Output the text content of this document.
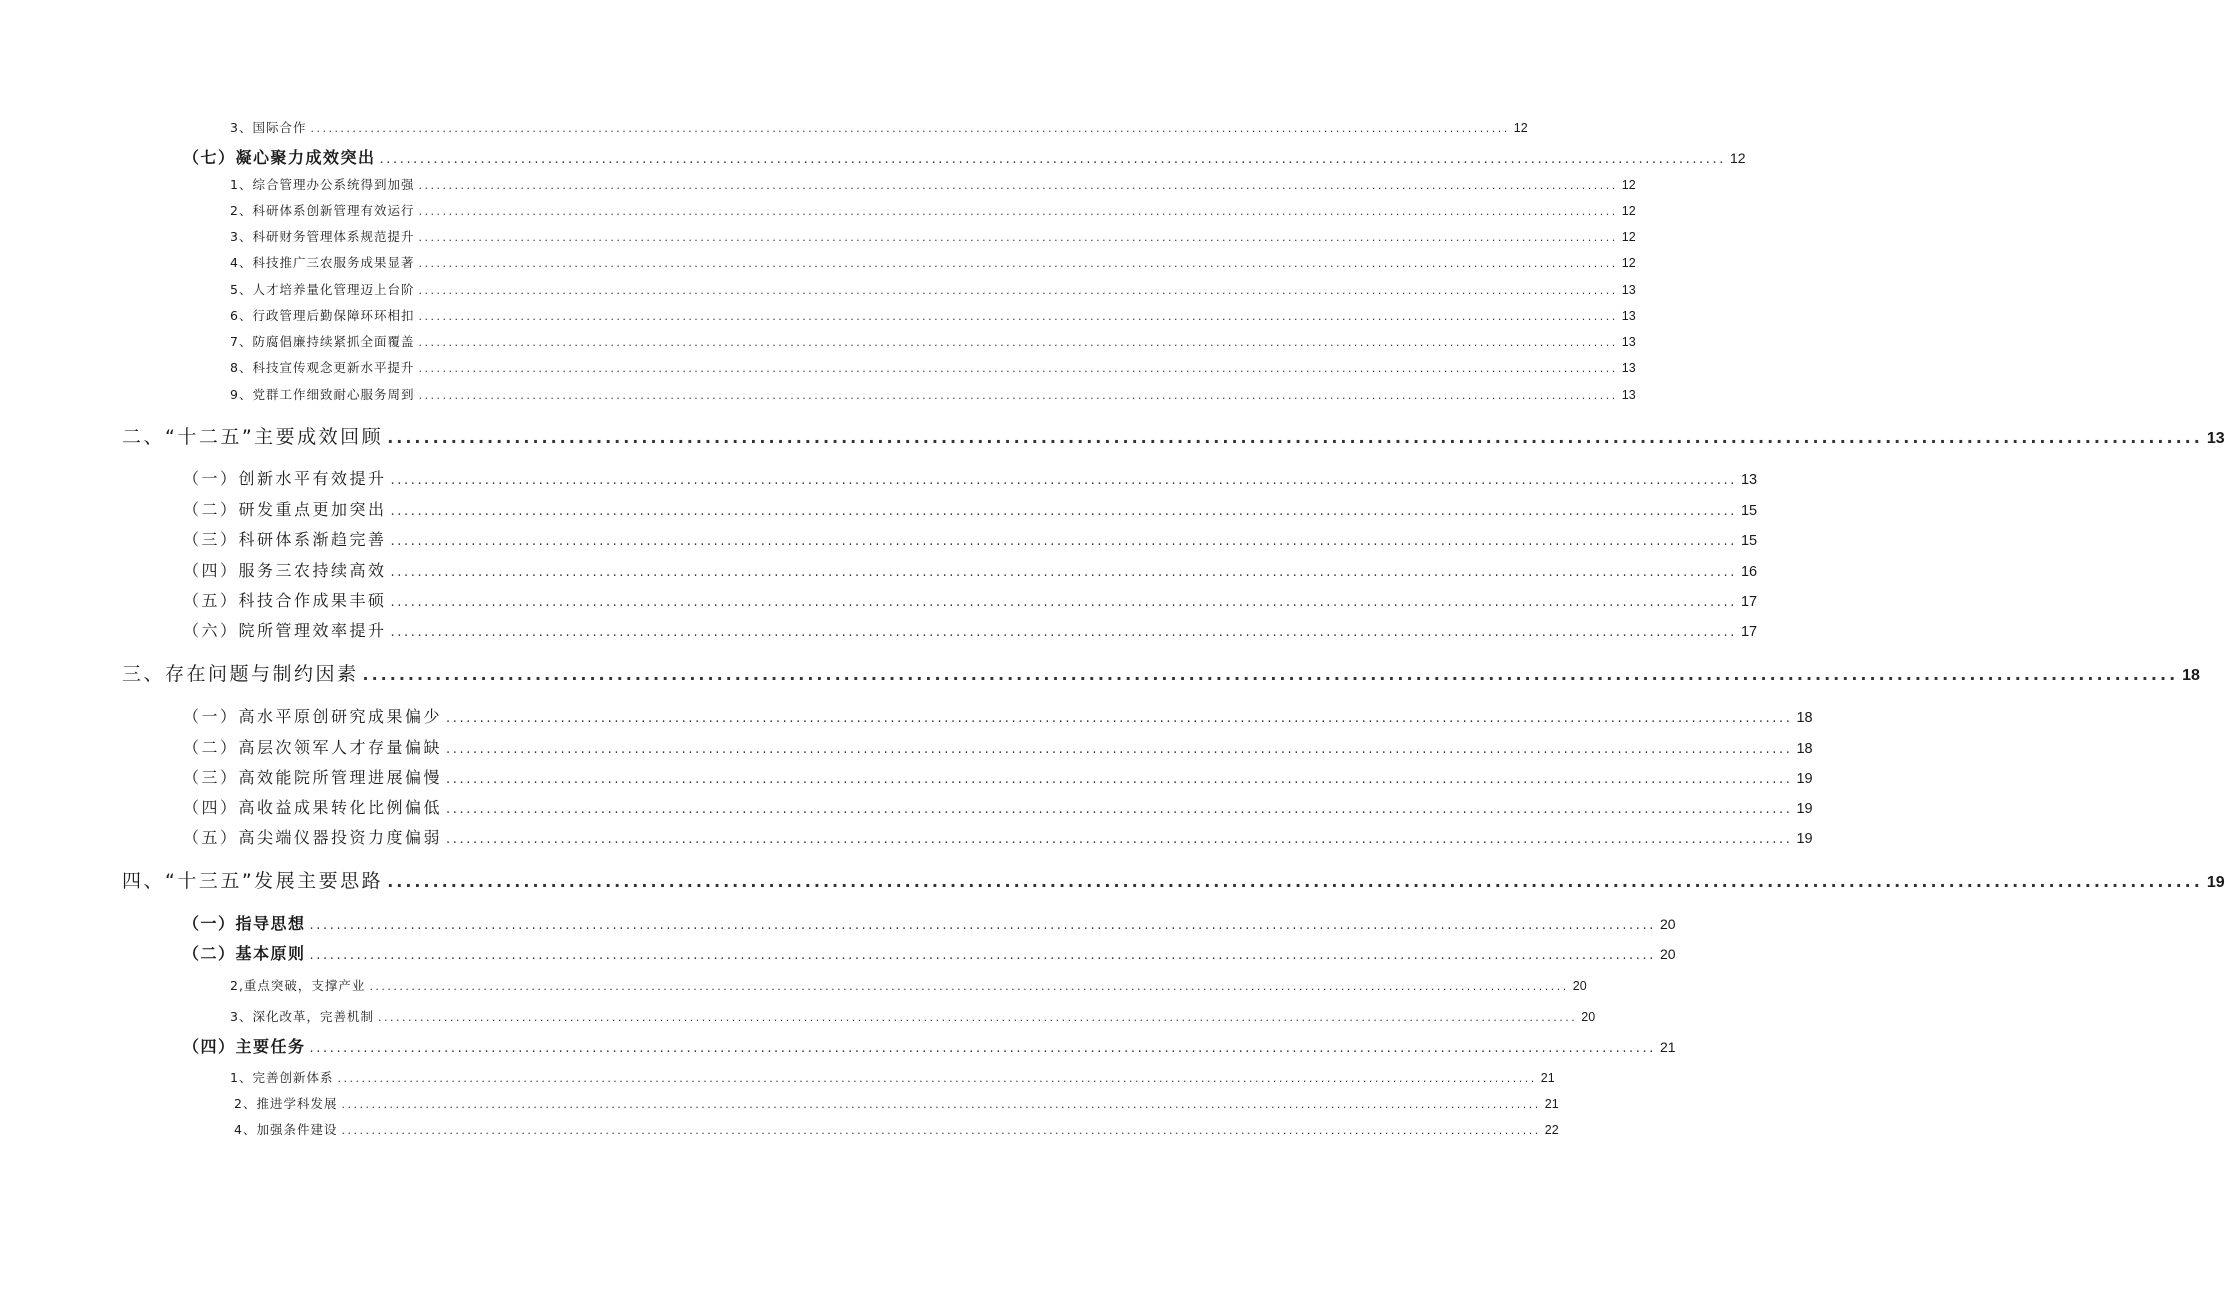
3、国际合作 ........................................................................................................................................................................................................ 12
（七）凝心聚力成效突出 ........................................................................................................................................................................................................ 12
1、综合管理办公系统得到加强 ........................................................................................................................................................................................................ 12
2、科研体系创新管理有效运行 ........................................................................................................................................................................................................ 12
3、科研财务管理体系规范提升 ........................................................................................................................................................................................................ 12
4、科技推广三农服务成果显著 ........................................................................................................................................................................................................ 12
5、人才培养量化管理迈上台阶 ........................................................................................................................................................................................................ 13
6、行政管理后勤保障环环相扣 ........................................................................................................................................................................................................ 13
7、防腐倡廉持续紧抓全面覆盖 ........................................................................................................................................................................................................ 13
8、科技宣传观念更新水平提升 ........................................................................................................................................................................................................ 13
9、党群工作细致耐心服务周到 ........................................................................................................................................................................................................ 13
二、“十二五”主要成效回顾 ........................................................................................................................................................................................................ 13
（一）创新水平有效提升 ........................................................................................................................................................................................................ 13
（二）研发重点更加突出 ........................................................................................................................................................................................................ 15
（三）科研体系渐趋完善 ........................................................................................................................................................................................................ 15
（四）服务三农持续高效 ........................................................................................................................................................................................................ 16
（五）科技合作成果丰硕 ........................................................................................................................................................................................................ 17
（六）院所管理效率提升 ........................................................................................................................................................................................................ 17
三、存在问题与制约因素 ........................................................................................................................................................................................................ 18
（一）高水平原创研究成果偏少 ........................................................................................................................................................................................................ 18
（二）高层次领军人才存量偏缺 ........................................................................................................................................................................................................ 18
（三）高效能院所管理进展偏慢 ........................................................................................................................................................................................................ 19
（四）高收益成果转化比例偏低 ........................................................................................................................................................................................................ 19
（五）高尖端仪器投资力度偏弱 ........................................................................................................................................................................................................ 19
四、“十三五”发展主要思路 ........................................................................................................................................................................................................ 19
（一）指导思想 ........................................................................................................................................................................................................ 20
（二）基本原则 ........................................................................................................................................................................................................ 20
2,重点突破，支撑产业 ........................................................................................................................................................................................................ 20
3、深化改革，完善机制 ........................................................................................................................................................................................................ 20
（四）主要任务 ........................................................................................................................................................................................................ 21
1、完善创新体系 ........................................................................................................................................................................................................ 21
2、推进学科发展 ........................................................................................................................................................................................................ 21
4、加强条件建设 ........................................................................................................................................................................................................ 22
